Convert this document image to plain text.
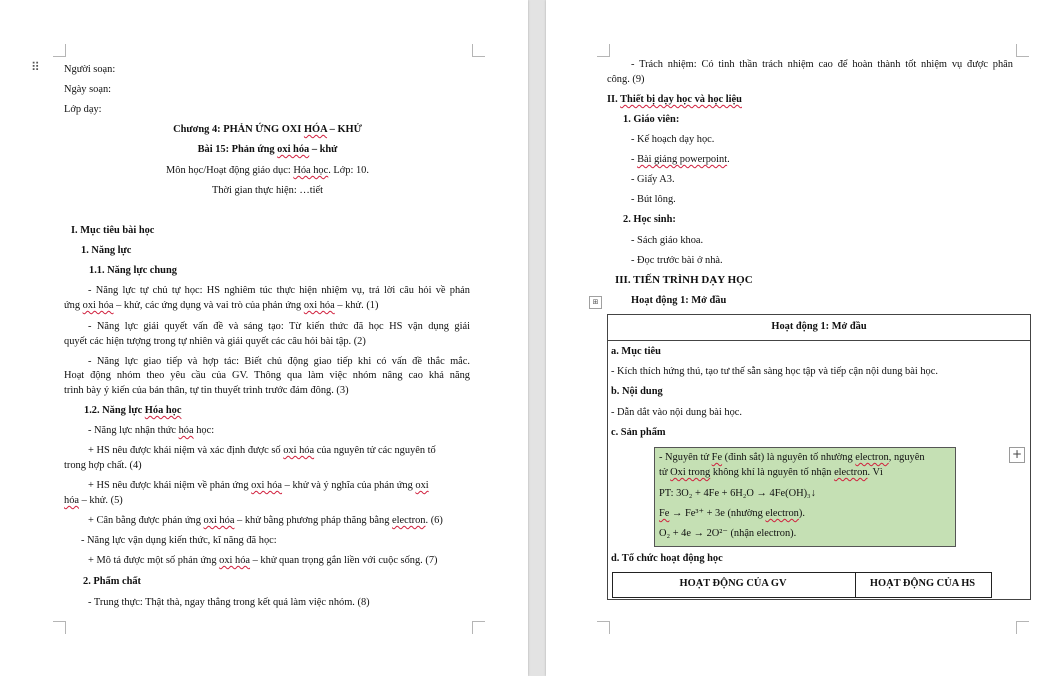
⠿ Người soạn:
Ngày soạn:
Lớp dạy:
Chương 4: PHẢN ỨNG OXI HÓA – KHỬ
Bài 15: Phản ứng oxi hóa – khử
Môn học/Hoạt động giáo dục: Hóa học. Lớp: 10.
Thời gian thực hiện: …tiết
I. Mục tiêu bài học
1. Năng lực
1.1. Năng lực chung
- Năng lực tự chủ tự học: HS nghiêm túc thực hiện nhiệm vụ, trả lời câu hỏi về phản
ứng oxi hóa – khử, các ứng dụng và vai trò của phản ứng oxi hóa – khử. (1)
- Năng lực giải quyết vấn đề và sáng tạo: Từ kiến thức đã học HS vận dụng giải
quyết các hiện tượng trong tự nhiên và giải quyết các câu hỏi bài tập. (2)
- Năng lực giao tiếp và hợp tác: Biết chủ động giao tiếp khi có vấn đề thắc mắc.
Hoạt động nhóm theo yêu cầu của GV. Thông qua làm việc nhóm nâng cao khả năng
trình bày ý kiến của bản thân, tự tin thuyết trình trước đám đông. (3)
1.2. Năng lực Hóa học
- Năng lực nhận thức hóa học:
+ HS nêu được khái niệm và xác định được số oxi hóa của nguyên tử các nguyên tố
trong hợp chất. (4)
+ HS nêu được khái niệm về phản ứng oxi hóa – khử và ý nghĩa của phản ứng oxi
hóa – khử. (5)
+ Cân bằng được phản ứng oxi hóa – khử bằng phương pháp thăng bằng electron. (6)
- Năng lực vận dụng kiến thức, kĩ năng đã học:
+ Mô tả được một số phản ứng oxi hóa – khử quan trọng gắn liền với cuộc sống. (7)
2. Phẩm chất
- Trung thực: Thật thà, ngay thẳng trong kết quả làm việc nhóm. (8)
- Trách nhiệm: Có tinh thần trách nhiệm cao để hoàn thành tốt nhiệm vụ được phân
công. (9)
II. Thiết bị dạy học và học liệu
1. Giáo viên:
- Kế hoạch dạy học.
- Bài giảng powerpoint.
- Giấy A3.
- Bút lông.
2. Học sinh:
- Sách giáo khoa.
- Đọc trước bài ở nhà.
III. TIẾN TRÌNH DẠY HỌC
⊞	Hoạt động 1: Mở đầu
Hoạt động 1: Mở đầu
a. Mục tiêu
- Kích thích hứng thú, tạo tư thế sẵn sàng học tập và tiếp cận nội dung bài học.
b. Nội dung
- Dẫn dắt vào nội dung bài học.
c. Sản phẩm
- Nguyên tử Fe (đinh sắt) là nguyên tố nhường electron, nguyên
tử Oxi trong không khí là nguyên tố nhận electron. Vì
PT: 3O₂ + 4Fe + 6H₂O → 4Fe(OH)₃↓
Fe → Fe³⁺ + 3e (nhường electron).
O₂ + 4e → 2O²⁻ (nhận electron).
+
d. Tổ chức hoạt động học
HOẠT ĐỘNG CỦA GV	HOẠT ĐỘNG CỦA HS
